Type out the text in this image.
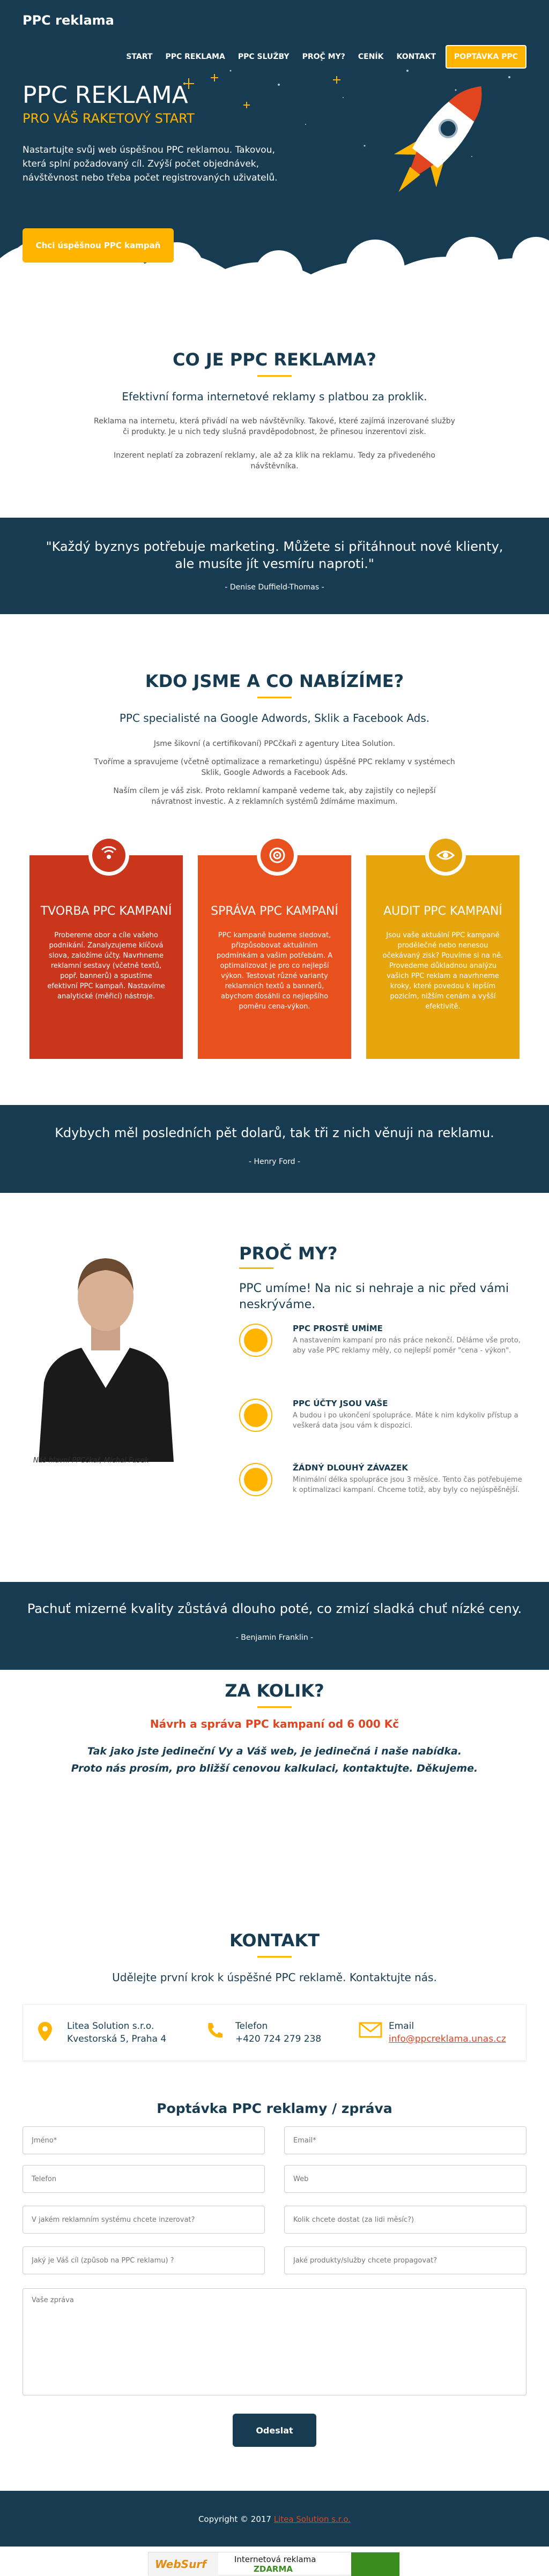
PPC reklama
PPC REKLAMA
PRO VÁŠ RAKETOVÝ START
Nastartujte svůj web úspěšnou PPC reklamou. Takovou, která splní požadovaný cíl. Zvýší počet objednávek, návštěvnost nebo třeba počet registrovaných uživatelů.
Chci úspěšnou PPC kampaň
START	PPC REKLAMA	PPC SLUŽBY	PROČ MY?	CENÍK	KONTAKT	POPTÁVKA PPC
CO JE PPC REKLAMA?
Efektivní forma internetové reklamy s platbou za proklik.
Reklama na internetu, která přivádí na web návštěvníky. Takové, které zajímá inzerované služby či produkty. Je u nich tedy slušná pravděpodobnost, že přinesou inzerentovi zisk.
Inzerent neplatí za zobrazení reklamy, ale až za klik na reklamu. Tedy za přivedeného návštěvníka.
"Každý byznys potřebuje marketing. Můžete si přitáhnout nové klienty, ale musíte jít vesmíru naproti."
- Denise Duffield-Thomas -
KDO JSME A CO NABÍZÍME?
PPC specialisté na Google Adwords, Sklik a Facebook Ads.
Jsme šikovní (a certifikovaní) PPCčkaři z agentury Litea Solution.
Tvoříme a spravujeme (včetně optimalizace a remarketingu) úspěšné PPC reklamy v systémech Sklik, Google Adwords a Facebook Ads.
Naším cílem je váš zisk. Proto reklamní kampaně vedeme tak, aby zajistily co nejlepší návratnost investic. A z reklamních systémů ždímáme maximum.
TVORBA PPC KAMPANÍ
Probereme obor a cíle vašeho podnikání. Zanalyzujeme klíčová slova, založíme účty. Navrhneme reklamní sestavy (včetně textů, popř. bannerů) a spustíme efektivní PPC kampaň. Nastavíme analytické (měřicí) nástroje.
SPRÁVA PPC KAMPANÍ
PPC kampaně budeme sledovat, přizpůsobovat aktuálním podmínkám a vašim potřebám. A optimalizovat je pro co nejlepší výkon. Testovat různé varianty reklamních textů a bannerů, abychom dosáhli co nejlepšího poměru cena-výkon.
AUDIT PPC KAMPANÍ
Jsou vaše aktuální PPC kampaně prodělečné nebo nenesou očekávaný zisk? Pouvíme si na ně. Provedeme důkladnou analýzu vašich PPC reklam a navrhneme kroky, které povedou k lepším pozicím, nižším cenám a vyšší efektivitě.
Kdybych měl posledních pět dolarů, tak tři z nich věnuji na reklamu.
- Henry Ford -
Náš hlavní PPCčkař, Michal Fusek
PROČ MY?
PPC umíme! Na nic si nehraje a nic před vámi neskrýváme.
PPC PROSTĚ UMÍME
A nastavením kampaní pro nás práce nekončí. Děláme vše proto, aby vaše PPC reklamy měly, co nejlepší poměr "cena - výkon".
PPC ÚČTY JSOU VAŠE
A budou i po ukončení spolupráce. Máte k nim kdykoliv přístup a veškerá data jsou vám k dispozici.
ŽÁDNÝ DLOUHÝ ZÁVAZEK
Minimální délka spolupráce jsou 3 měsíce. Tento čas potřebujeme k optimalizaci kampaní. Chceme totiž, aby byly co nejúspěšnější.
Pachuť mizerné kvality zůstává dlouho poté, co zmizí sladká chuť nízké ceny.
- Benjamin Franklin -
ZA KOLIK?
Návrh a správa PPC kampaní od 6 000 Kč
Tak jako jste jedineční Vy a Váš web, je jedinečná i naše nabídka.
Proto nás prosím, pro bližší cenovou kalkulaci, kontaktujte. Děkujeme.
KONTAKT
Udělejte první krok k úspěšné PPC reklamě. Kontaktujte nás.
Litea Solution s.r.o.
Kvestorská 5, Praha 4
Telefon
+420 724 279 238
Email
info@ppcreklama.unas.cz
Poptávka PPC reklamy / zpráva
Jméno*
Email*
Telefon
Web
V jakém reklamním systému chcete inzerovat?
Kolik chcete dostat (za lidi měsíc?)
Jaký je Váš cíl (způsob na PPC reklamu) ?
Jaké produkty/služby chcete propagovat?
Vaše zpráva
Odeslat
Copyright © 2017 Litea Solution s.r.o.
WebSurf	Internetová reklama
ZDARMA
